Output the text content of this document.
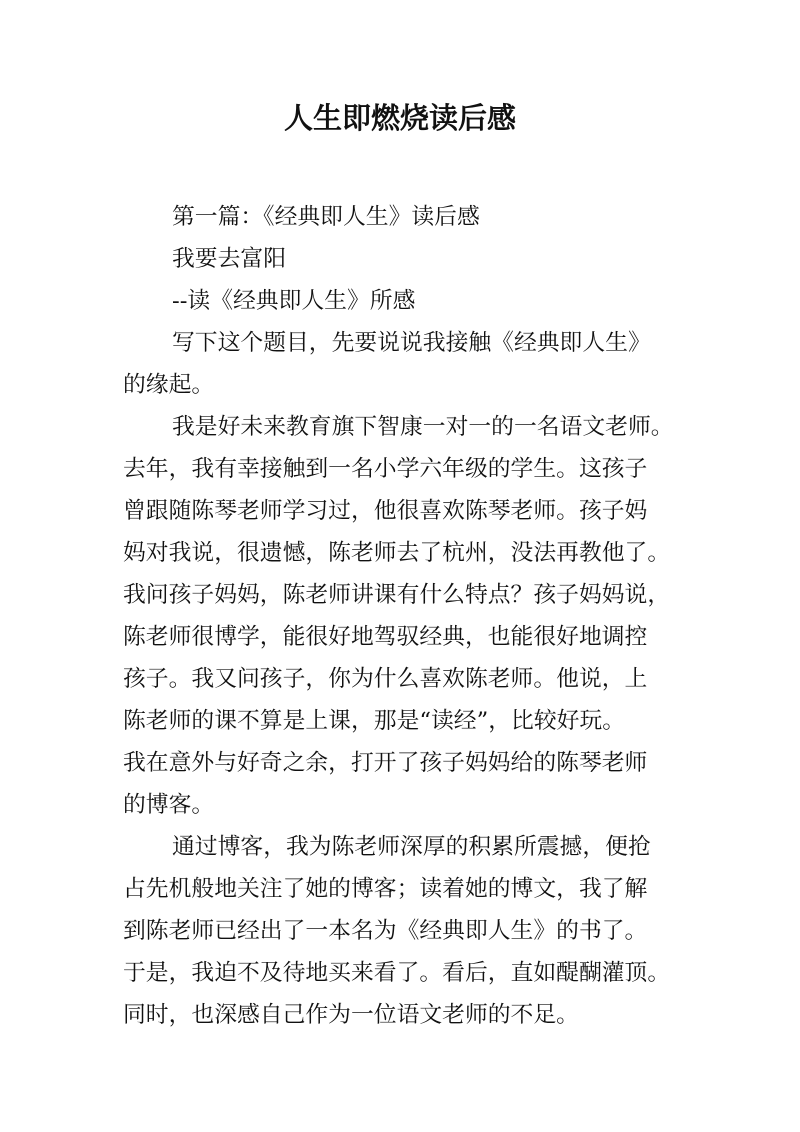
人生即燃烧读后感

第一篇：《经典即人生》读后感

我要去富阳

--读《经典即人生》所感

写下这个题目，先要说说我接触《经典即人生》

的缘起。

我是好未来教育旗下智康一对一的一名语文老师。

去年，我有幸接触到一名小学六年级的学生。这孩子

曾跟随陈琴老师学习过，他很喜欢陈琴老师。孩子妈

妈对我说，很遗憾，陈老师去了杭州，没法再教他了。

我问孩子妈妈，陈老师讲课有什么特点？孩子妈妈说，

陈老师很博学，能很好地驾驭经典，也能很好地调控

孩子。我又问孩子，你为什么喜欢陈老师。他说，上

陈老师的课不算是上课，那是“读经”，比较好玩。

我在意外与好奇之余，打开了孩子妈妈给的陈琴老师

的博客。

通过博客，我为陈老师深厚的积累所震撼，便抢

占先机般地关注了她的博客；读着她的博文，我了解

到陈老师已经出了一本名为《经典即人生》的书了。

于是，我迫不及待地买来看了。看后，直如醍醐灌顶。

同时，也深感自己作为一位语文老师的不足。
